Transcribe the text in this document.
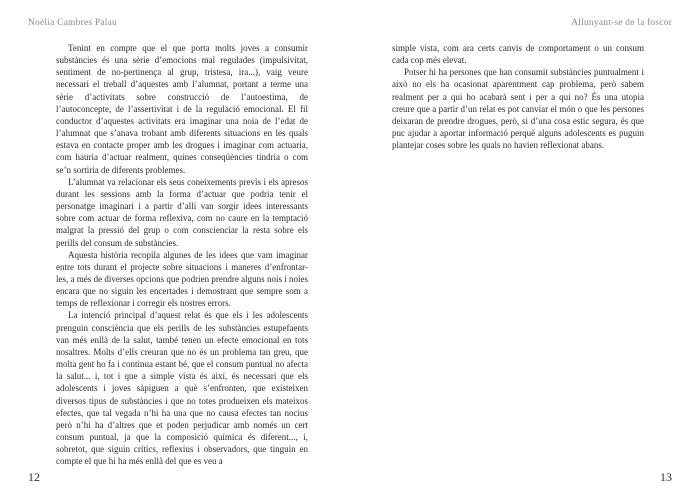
Noèlia Cambres Palau

Tenint en compte que el que porta molts joves a consumir substàncies és una sèrie d’emocions mal regulades (impulsivitat, sentiment de no-pertinença al grup, tristesa, ira...), vaig veure necessari el treball d’aquestes amb l’alumnat, portant a terme una sèrie d’activitats sobre construcció de l’autoestima, de l’autoconcepte, de l’assertivitat i de la regulació emocional. El fil conductor d’aquestes activitats era imaginar una noia de l’edat de l’alumnat que s’anava trobant amb diferents situacions en les quals estava en contacte proper amb les drogues i imaginar com actuaria, com hauria d’actuar realment, quines conseqüències tindria o com se’n sortiria de diferents problemes.

L’alumnat va relacionar els seus coneixements previs i els apresos durant les sessions amb la forma d’actuar que podria tenir el personatge imaginari i a partir d’allí van sorgir idees interessants sobre com actuar de forma reflexiva, com no caure en la temptació malgrat la pressió del grup o com conscienciar la resta sobre els perills del consum de substàncies.

Aquesta història recopila algunes de les idees que vam imaginar entre tots durant el projecte sobre situacions i maneres d’enfrontar-les, a més de diverses opcions que podrien prendre alguns nois i noies encara que no siguin les encertades i demostrant que sempre som a temps de reflexionar i corregir els nostres errors.

La intenció principal d’aquest relat és que els i les adolescents prenguin consciència que els perills de les substàncies estupefaents van més enllà de la salut, també tenen un efecte emocional en tots nosaltres. Molts d’ells creuran que no és un problema tan greu, que molta gent ho fa i continua estant bé, que el consum puntual no afecta la salut... i, tot i que a simple vista és així, és necessari que els adolescents i joves sàpiguen a què s’enfronten, que existeixen diversos tipus de substàncies i que no totes produeixen els mateixos efectes, que tal vegada n’hi ha una que no causa efectes tan nocius però n’hi ha d’altres que et poden perjudicar amb només un cert consum puntual, ja que la composició química és diferent..., i, sobretot, que siguin crítics, reflexius i observadors, que tinguin en compte el que hi ha més enllà del que es veu a

12
Allunyant-se de la foscor

simple vista, com ara certs canvis de comportament o un consum cada cop més elevat.

Potser hi ha persones que han consumit substàncies puntualment i això no els ha ocasionat aparentment cap problema, però sabem realment per a qui ho acabarà sent i per a qui no? És una utopia creure que a partir d’un relat es pot canviar el món o que les persones deixaran de prendre drogues, però, si d’una cosa estic segura, és que puc ajudar a aportar informació perquè alguns adolescents es puguin plantejar coses sobre les quals no havien reflexionat abans.

13
